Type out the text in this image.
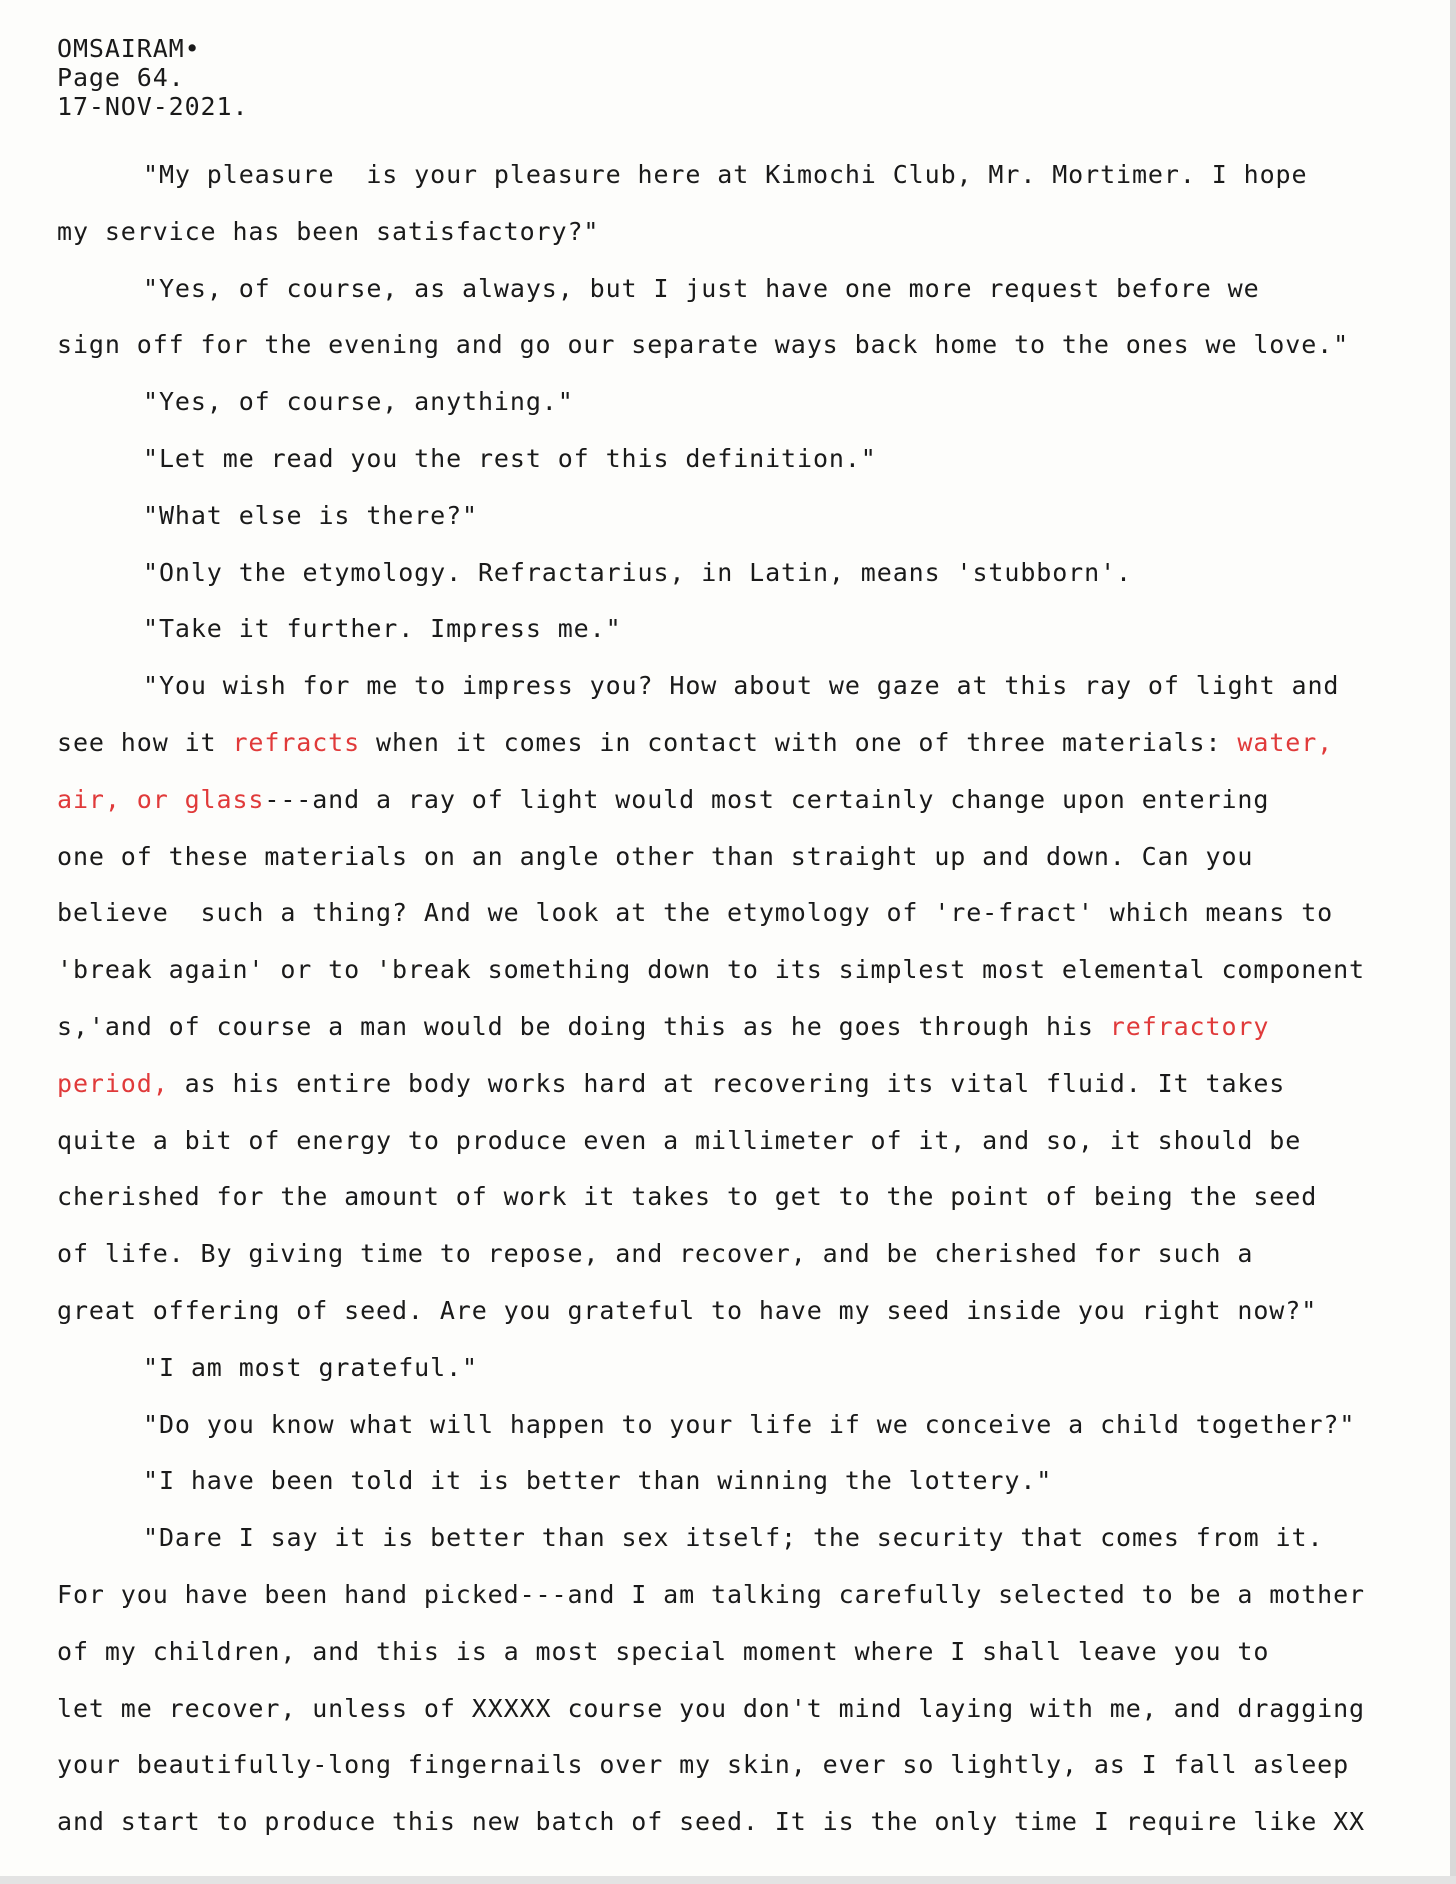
OMSAIRAM•
Page 64.
17-NOV-2021.
"My pleasure  is your pleasure here at Kimochi Club, Mr. Mortimer. I hope
my service has been satisfactory?"
"Yes, of course, as always, but I just have one more request before we
sign off for the evening and go our separate ways back home to the ones we love."
"Yes, of course, anything."
"Let me read you the rest of this definition."
"What else is there?"
"Only the etymology. Refractarius, in Latin, means 'stubborn'.
"Take it further. Impress me."
"You wish for me to impress you? How about we gaze at this ray of light and
see how it refracts when it comes in contact with one of three materials: water,
air, or glass---and a ray of light would most certainly change upon entering
one of these materials on an angle other than straight up and down. Can you
believe  such a thing? And we look at the etymology of 're-fract' which means to
'break again' or to 'break something down to its simplest most elemental component
s,'and of course a man would be doing this as he goes through his refractory
period, as his entire body works hard at recovering its vital fluid. It takes
quite a bit of energy to produce even a millimeter of it, and so, it should be
cherished for the amount of work it takes to get to the point of being the seed
of life. By giving time to repose, and recover, and be cherished for such a
great offering of seed. Are you grateful to have my seed inside you right now?"
"I am most grateful."
"Do you know what will happen to your life if we conceive a child together?"
"I have been told it is better than winning the lottery."
"Dare I say it is better than sex itself; the security that comes from it.
For you have been hand picked---and I am talking carefully selected to be a mother
of my children, and this is a most special moment where I shall leave you to
let me recover, unless of XXXXX course you don't mind laying with me, and dragging
your beautifully-long fingernails over my skin, ever so lightly, as I fall asleep
and start to produce this new batch of seed. It is the only time I require like XX
